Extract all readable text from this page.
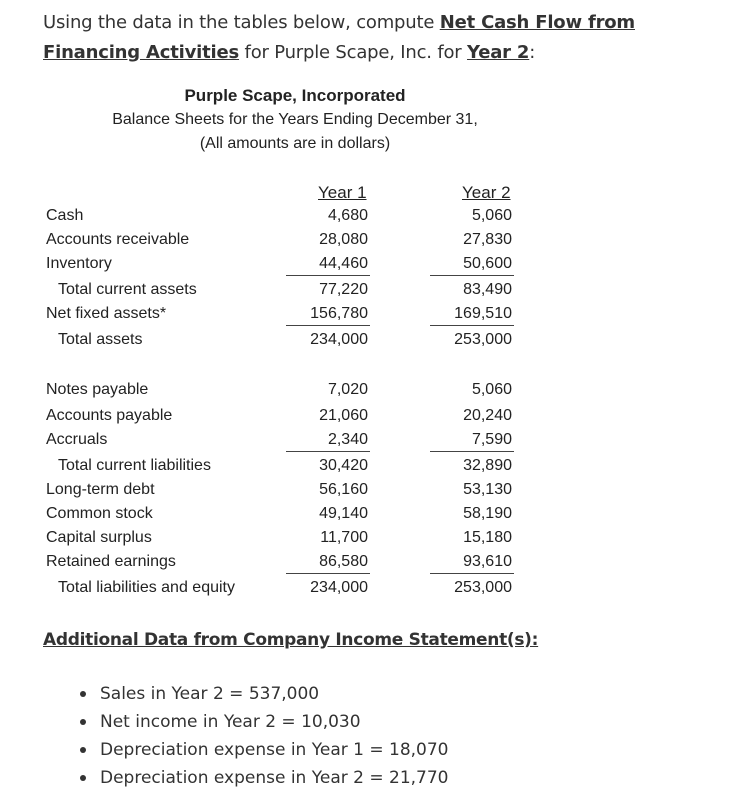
Using the data in the tables below, compute Net Cash Flow from Financing Activities for Purple Scape, Inc. for Year 2:
Purple Scape, Incorporated
Balance Sheets for the Years Ending December 31,
(All amounts are in dollars)
Year 1	Year 2
Cash	4,680	5,060
Accounts receivable	28,080	27,830
Inventory	44,460	50,600
Total current assets	77,220	83,490
Net fixed assets*	156,780	169,510
Total assets	234,000	253,000
Notes payable	7,020	5,060
Accounts payable	21,060	20,240
Accruals	2,340	7,590
Total current liabilities	30,420	32,890
Long-term debt	56,160	53,130
Common stock	49,140	58,190
Capital surplus	11,700	15,180
Retained earnings	86,580	93,610
Total liabilities and equity	234,000	253,000
Additional Data from Company Income Statement(s):
Sales in Year 2 = 537,000
Net income in Year 2 = 10,030
Depreciation expense in Year 1 = 18,070
Depreciation expense in Year 2 = 21,770
